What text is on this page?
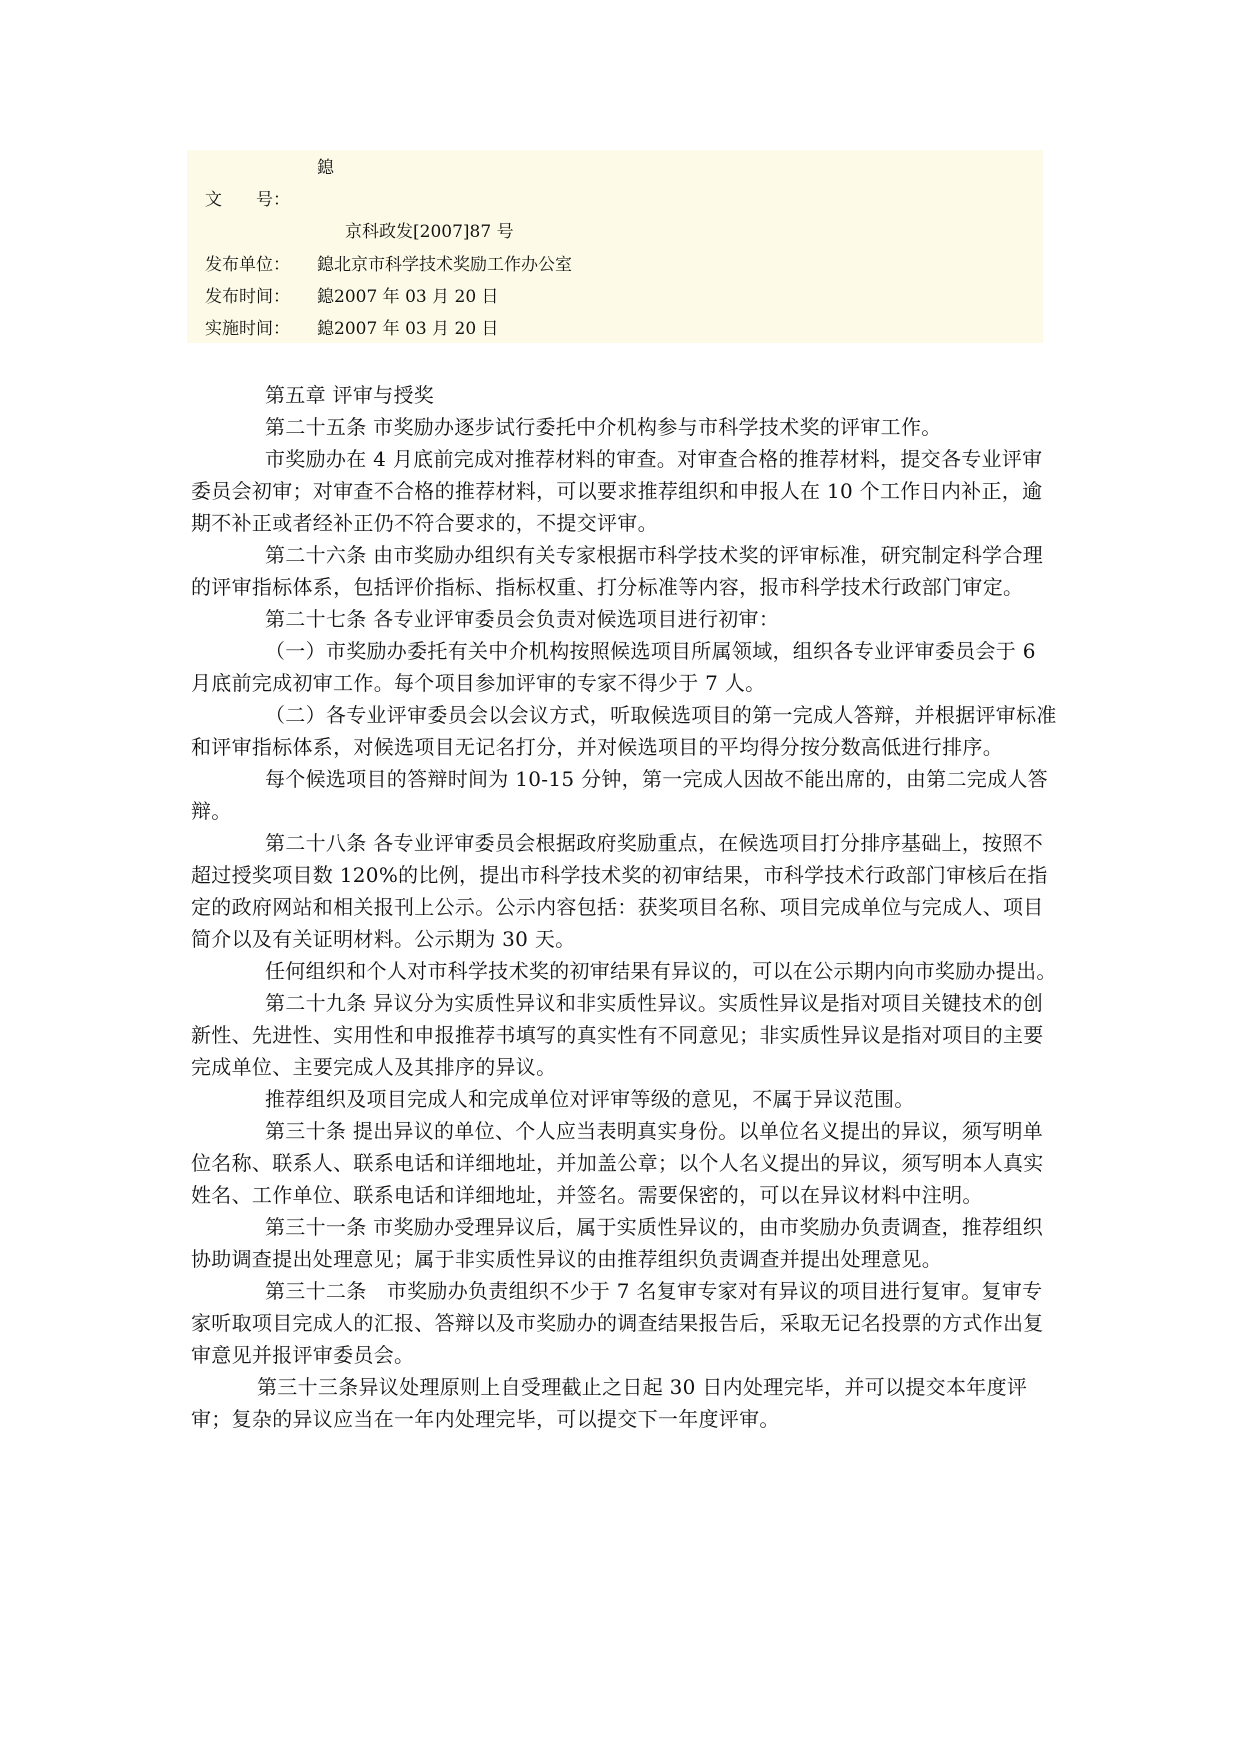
鎴
文　　号：
京科政发[2007]87 号
发布单位： 鎴北京市科学技术奖励工作办公室
发布时间： 鎴2007 年 03 月 20 日
实施时间： 鎴2007 年 03 月 20 日

第五章 评审与授奖

第二十五条 市奖励办逐步试行委托中介机构参与市科学技术奖的评审工作。

市奖励办在 4 月底前完成对推荐材料的审查。对审查合格的推荐材料，提交各专业评审委员会初审；对审查不合格的推荐材料，可以要求推荐组织和申报人在 10 个工作日内补正，逾期不补正或者经补正仍不符合要求的，不提交评审。

第二十六条 由市奖励办组织有关专家根据市科学技术奖的评审标准，研究制定科学合理的评审指标体系，包括评价指标、指标权重、打分标准等内容，报市科学技术行政部门审定。

第二十七条 各专业评审委员会负责对候选项目进行初审：

（一）市奖励办委托有关中介机构按照候选项目所属领域，组织各专业评审委员会于 6 月底前完成初审工作。每个项目参加评审的专家不得少于 7 人。

（二）各专业评审委员会以会议方式，听取候选项目的第一完成人答辩，并根据评审标准和评审指标体系，对候选项目无记名打分，并对候选项目的平均得分按分数高低进行排序。

每个候选项目的答辩时间为 10-15 分钟，第一完成人因故不能出席的，由第二完成人答辩。

第二十八条 各专业评审委员会根据政府奖励重点，在候选项目打分排序基础上，按照不超过授奖项目数 120%的比例，提出市科学技术奖的初审结果，市科学技术行政部门审核后在指定的政府网站和相关报刊上公示。公示内容包括：获奖项目名称、项目完成单位与完成人、项目简介以及有关证明材料。公示期为 30 天。

任何组织和个人对市科学技术奖的初审结果有异议的，可以在公示期内向市奖励办提出。

第二十九条 异议分为实质性异议和非实质性异议。实质性异议是指对项目关键技术的创新性、先进性、实用性和申报推荐书填写的真实性有不同意见；非实质性异议是指对项目的主要完成单位、主要完成人及其排序的异议。

推荐组织及项目完成人和完成单位对评审等级的意见，不属于异议范围。

第三十条 提出异议的单位、个人应当表明真实身份。以单位名义提出的异议，须写明单位名称、联系人、联系电话和详细地址，并加盖公章；以个人名义提出的异议，须写明本人真实姓名、工作单位、联系电话和详细地址，并签名。需要保密的，可以在异议材料中注明。

第三十一条 市奖励办受理异议后，属于实质性异议的，由市奖励办负责调查，推荐组织协助调查提出处理意见；属于非实质性异议的由推荐组织负责调查并提出处理意见。

第三十二条　市奖励办负责组织不少于 7 名复审专家对有异议的项目进行复审。复审专家听取项目完成人的汇报、答辩以及市奖励办的调查结果报告后，采取无记名投票的方式作出复审意见并报评审委员会。

第三十三条异议处理原则上自受理截止之日起 30 日内处理完毕，并可以提交本年度评审；复杂的异议应当在一年内处理完毕，可以提交下一年度评审。
